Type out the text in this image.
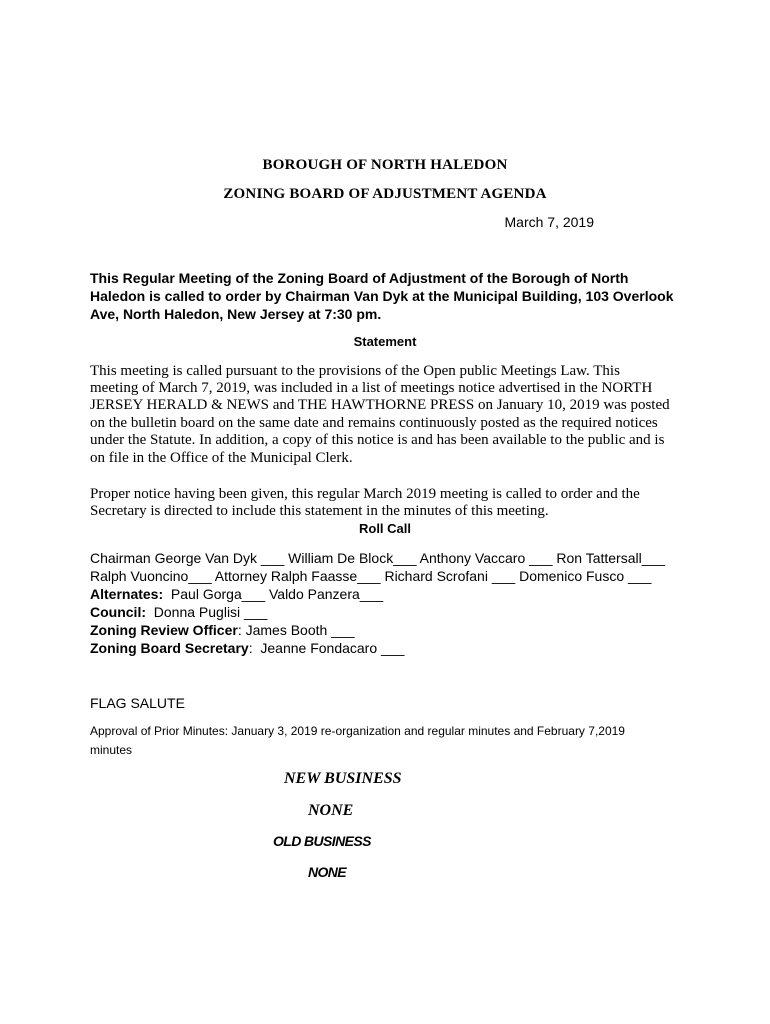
BOROUGH OF NORTH HALEDON
ZONING BOARD OF ADJUSTMENT AGENDA
March 7, 2019
This Regular Meeting of the Zoning Board of Adjustment of the Borough of North
Haledon is called to order by Chairman Van Dyk at the Municipal Building, 103 Overlook
Ave, North Haledon, New Jersey at 7:30 pm.
Statement
This meeting is called pursuant to the provisions of the Open public Meetings Law. This
meeting of March 7, 2019, was included in a list of meetings notice advertised in the NORTH
JERSEY HERALD & NEWS and THE HAWTHORNE PRESS on January 10, 2019 was posted
on the bulletin board on the same date and remains continuously posted as the required notices
under the Statute. In addition, a copy of this notice is and has been available to the public and is
on file in the Office of the Municipal Clerk.
Proper notice having been given, this regular March 2019 meeting is called to order and the
Secretary is directed to include this statement in the minutes of this meeting.
Roll Call
Chairman George Van Dyk ___ William De Block___ Anthony Vaccaro ___ Ron Tattersall___
Ralph Vuoncino___ Attorney Ralph Faasse___ Richard Scrofani ___ Domenico Fusco ___
Alternates:  Paul Gorga___ Valdo Panzera___
Council:  Donna Puglisi ___
Zoning Review Officer: James Booth ___
Zoning Board Secretary:  Jeanne Fondacaro ___
FLAG SALUTE
Approval of Prior Minutes: January 3, 2019 re-organization and regular minutes and February 7,2019
minutes
NEW BUSINESS
NONE
OLD BUSINESS
NONE
